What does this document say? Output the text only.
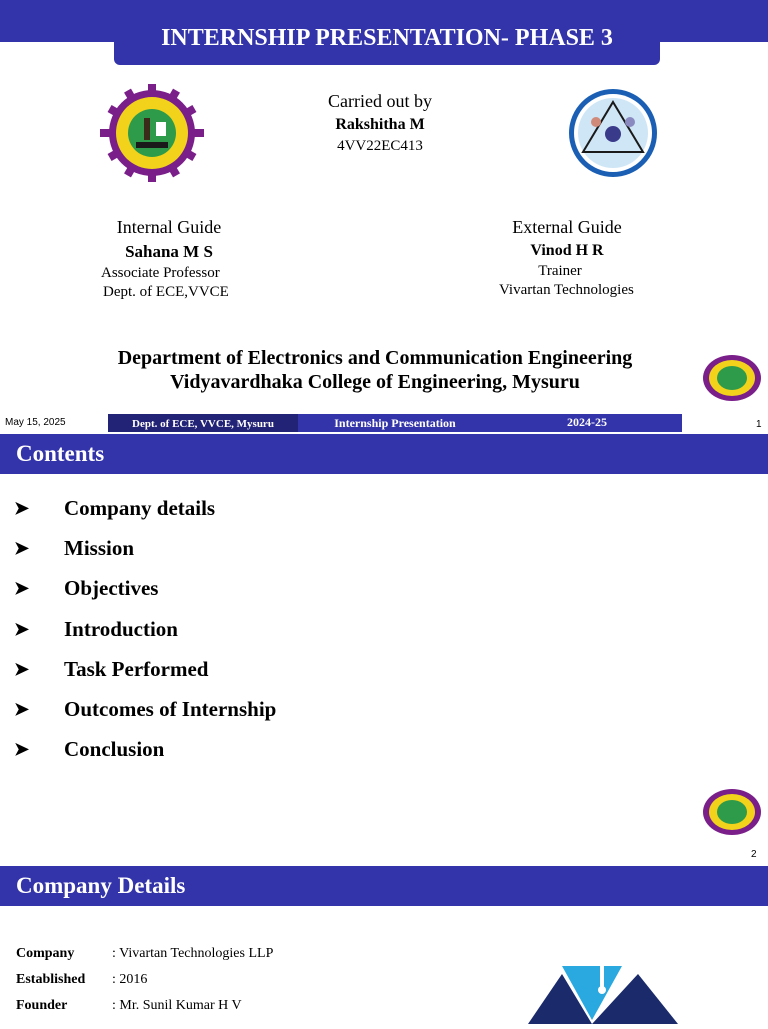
INTERNSHIP PRESENTATION- PHASE 3
Carried out by
Rakshitha M
4VV22EC413
Internal Guide
Sahana M S
Associate Professor
Dept. of ECE,VVCE
External Guide
Vinod H R
Trainer
Vivartan Technologies
Department of Electronics and Communication Engineering
Vidyavardhaka College of Engineering, Mysuru
May 15, 2025	Dept. of ECE, VVCE, Mysuru	Internship Presentation	2024-25	1
Contents
➤	Company details
➤	Mission
➤	Objectives
➤	Introduction
➤	Task Performed
➤	Outcomes of Internship
➤	Conclusion
2
Company Details
Company	: Vivartan Technologies LLP
Established	: 2016
Founder	: Mr. Sunil Kumar H V
